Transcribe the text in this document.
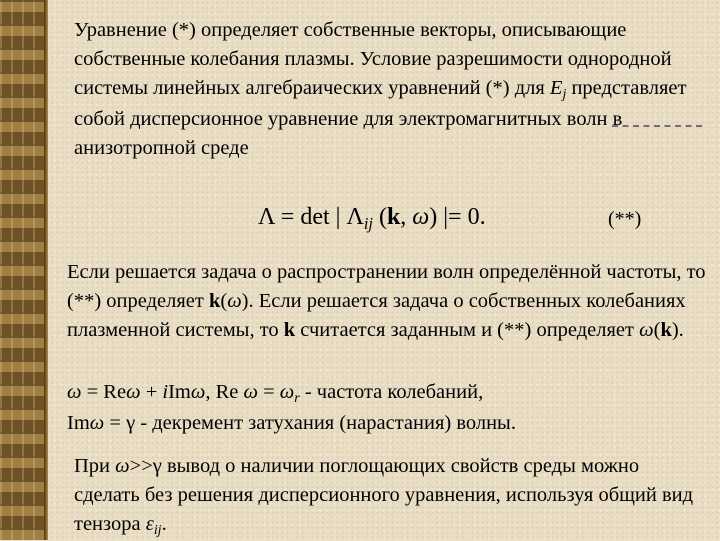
Уравнение (*) определяет собственные векторы, описывающие собственные колебания плазмы. Условие разрешимости однородной системы линейных алгебраических уравнений (*) для $E_j$ представляет собой дисперсионное уравнение для электромагнитных волн в анизотропной среде

Λ = det | $\Lambda_{ij}$ (k, ω) |= 0.	(**)

Если решается задача о распространении волн определённой частоты, то (**) определяет k(ω). Если решается задача о собственных колебаниях плазменной системы, то k считается заданным и (**) определяет ω(k).

ω = Reω + iImω, Re $\omega = \omega_r$ - частота колебаний,
Imω = γ - декремент затухания (нарастания) волны.

При ω>>γ вывод о наличии поглощающих свойств среды можно сделать без решения дисперсионного уравнения, используя общий вид тензора $\varepsilon_{ij}$.
